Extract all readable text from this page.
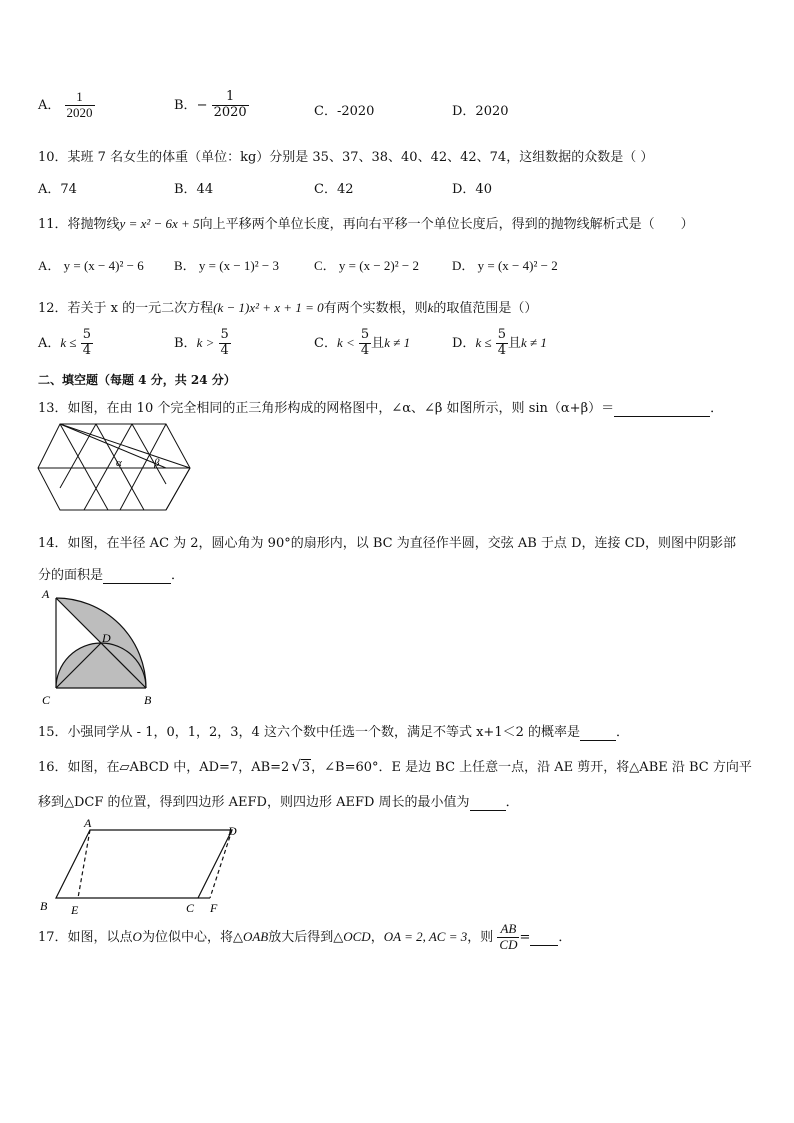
A． $\frac{1}{2020}$	B．− $\frac{1}{2020}$	C．-2020	D．2020
10．某班 7 名女生的体重（单位：kg）分别是 35、37、38、40、42、42、74，这组数据的众数是（ ）
A．74	B．44	C．42	D．40
11．将抛物线y = x² − 6x + 5向上平移两个单位长度，再向右平移一个单位长度后，得到的抛物线解析式是（　　）
A． y = (x − 4)² − 6 B． y = (x − 1)² − 3	C． y = (x − 2)² − 2	D． y = (x − 4)² − 2
12．若关于 x 的一元二次方程(k − 1)x² + x + 1 = 0有两个实数根，则k的取值范围是（）
A．$k \le \frac{5}{4}$	B．$k > \frac{5}{4}$	C．$k < \frac{5}{4}$ 且k ≠ 1	D．$k \le \frac{5}{4}$ 且k ≠ 1
二、填空题（每题 4 分，共 24 分）
13．如图，在由 10 个完全相同的正三角形构成的网格图中，∠α、∠β 如图所示，则 sin（α+β）＝	．
α	β
14．如图，在半径 AC 为 2，圆心角为 90°的扇形内，以 BC 为直径作半圆，交弦 AB 于点 D，连接 CD，则图中阴影部
分的面积是	．
A
D
C	B
15．小强同学从 - 1，0，1，2，3，4 这六个数中任选一个数，满足不等式 x+1＜2 的概率是	．
16．如图，在▱ABCD 中，AD=7，AB=2 √3，∠B=60°．E 是边 BC 上任意一点，沿 AE 剪开，将△ABE 沿 BC 方向平
移到△DCF 的位置，得到四边形 AEFD，则四边形 AEFD 周长的最小值为	．
A
D
B E	C F
17．如图，以点O为位似中心，将△OAB放大后得到△OCD，OA = 2, AC = 3，则 $\frac{AB}{CD}$ = ．
